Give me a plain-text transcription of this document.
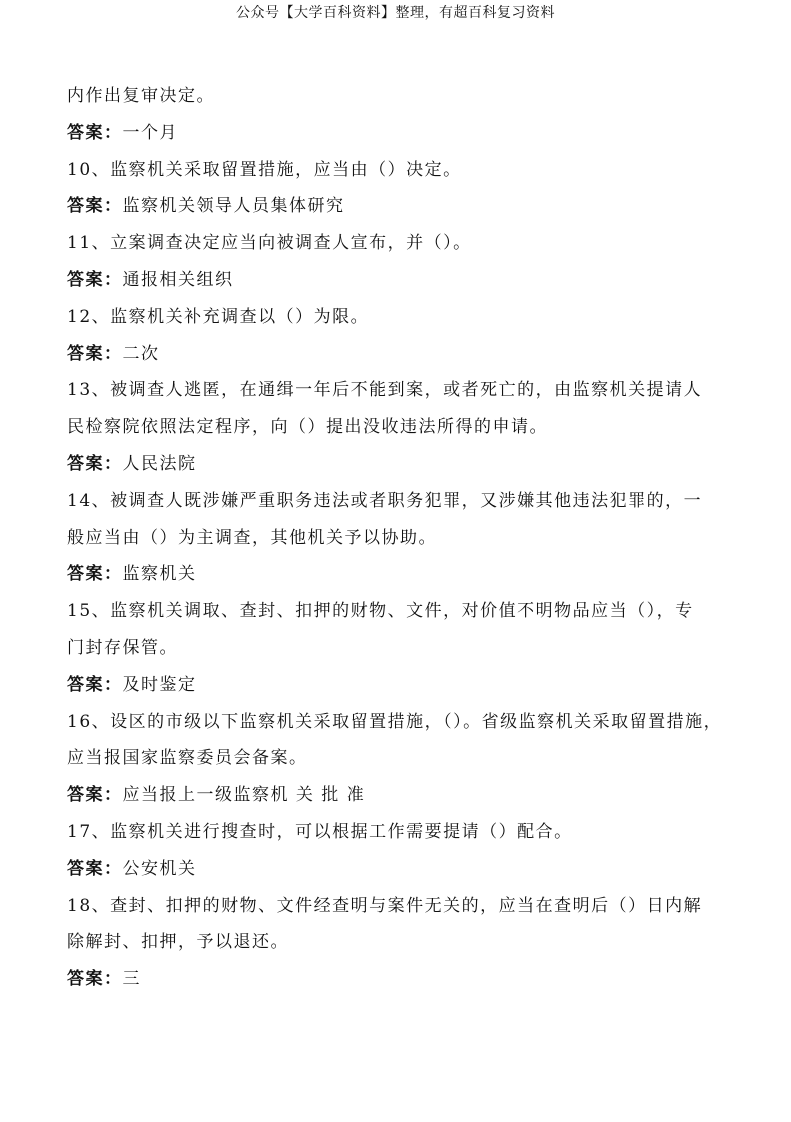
公众号【大学百科资料】整理，有超百科复习资料
内作出复审决定。
答案：一个月
10、监察机关采取留置措施，应当由（）决定。
答案：监察机关领导人员集体研究
11、立案调查决定应当向被调查人宣布，并（）。
答案：通报相关组织
12、监察机关补充调查以（）为限。
答案：二次
13、被调查人逃匿，在通缉一年后不能到案，或者死亡的，由监察机关提请人
民检察院依照法定程序，向（）提出没收违法所得的申请。
答案：人民法院
14、被调查人既涉嫌严重职务违法或者职务犯罪，又涉嫌其他违法犯罪的，一
般应当由（）为主调查，其他机关予以协助。
答案：监察机关
15、监察机关调取、查封、扣押的财物、文件，对价值不明物品应当（），专
门封存保管。
答案：及时鉴定
16、设区的市级以下监察机关采取留置措施，（）。省级监察机关采取留置措施，
应当报国家监察委员会备案。
答案：应当报上一级监察机 关 批 准
17、监察机关进行搜查时，可以根据工作需要提请（）配合。
答案：公安机关
18、查封、扣押的财物、文件经查明与案件无关的，应当在查明后（）日内解
除解封、扣押，予以退还。
答案：三
